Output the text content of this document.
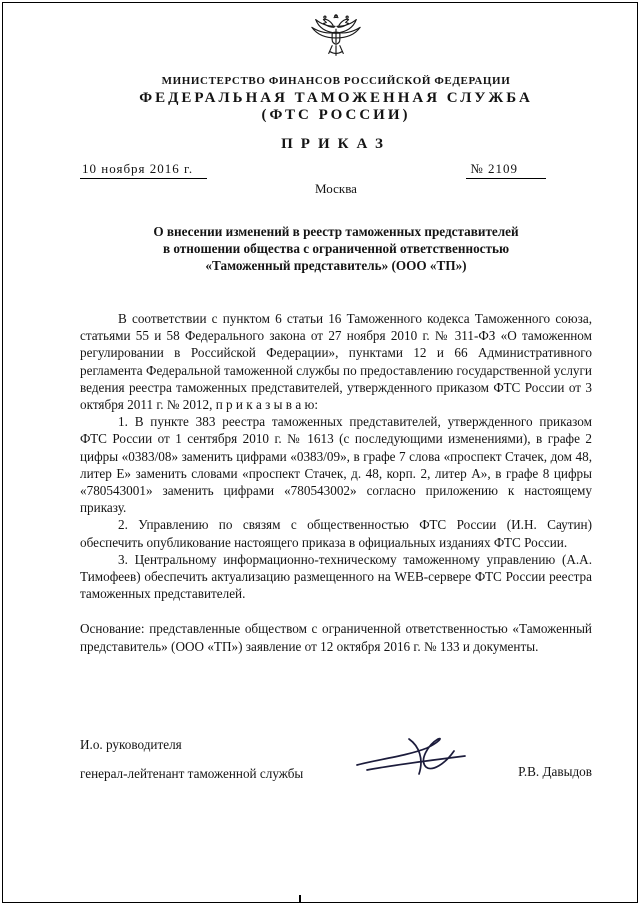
МИНИСТЕРСТВО ФИНАНСОВ РОССИЙСКОЙ ФЕДЕРАЦИИ
ФЕДЕРАЛЬНАЯ ТАМОЖЕННАЯ СЛУЖБА
(ФТС РОССИИ)
ПРИКАЗ
10 ноября 2016 г.	№ 2109
Москва
О внесении изменений в реестр таможенных представителей
в отношении общества с ограниченной ответственностью
«Таможенный представитель» (ООО «ТП»)

В соответствии с пунктом 6 статьи 16 Таможенного кодекса Таможенного союза, статьями 55 и 58 Федерального закона от 27 ноября 2010 г. № 311-ФЗ «О таможенном регулировании в Российской Федерации», пунктами 12 и 66 Административного регламента Федеральной таможенной службы по предоставлению государственной услуги ведения реестра таможенных представителей, утвержденного приказом ФТС России от 3 октября 2011 г. № 2012, п р и к а з ы в а ю:

1. В пункте 383 реестра таможенных представителей, утвержденного приказом ФТС России от 1 сентября 2010 г. № 1613 (с последующими изменениями), в графе 2 цифры «0383/08» заменить цифрами «0383/09», в графе 7 слова «проспект Стачек, дом 48, литер Е» заменить словами «проспект Стачек, д. 48, корп. 2, литер А», в графе 8 цифры «780543001» заменить цифрами «780543002» согласно приложению к настоящему приказу.

2. Управлению по связям с общественностью ФТС России (И.Н. Саутин) обеспечить опубликование настоящего приказа в официальных изданиях ФТС России.

3. Центральному информационно-техническому таможенному управлению (А.А. Тимофеев) обеспечить актуализацию размещенного на WEB-сервере ФТС России реестра таможенных представителей.

Основание: представленные обществом с ограниченной ответственностью «Таможенный представитель» (ООО «ТП») заявление от 12 октября 2016 г. № 133 и документы.

И.о. руководителя
генерал-лейтенант таможенной службы	Р.В. Давыдов
